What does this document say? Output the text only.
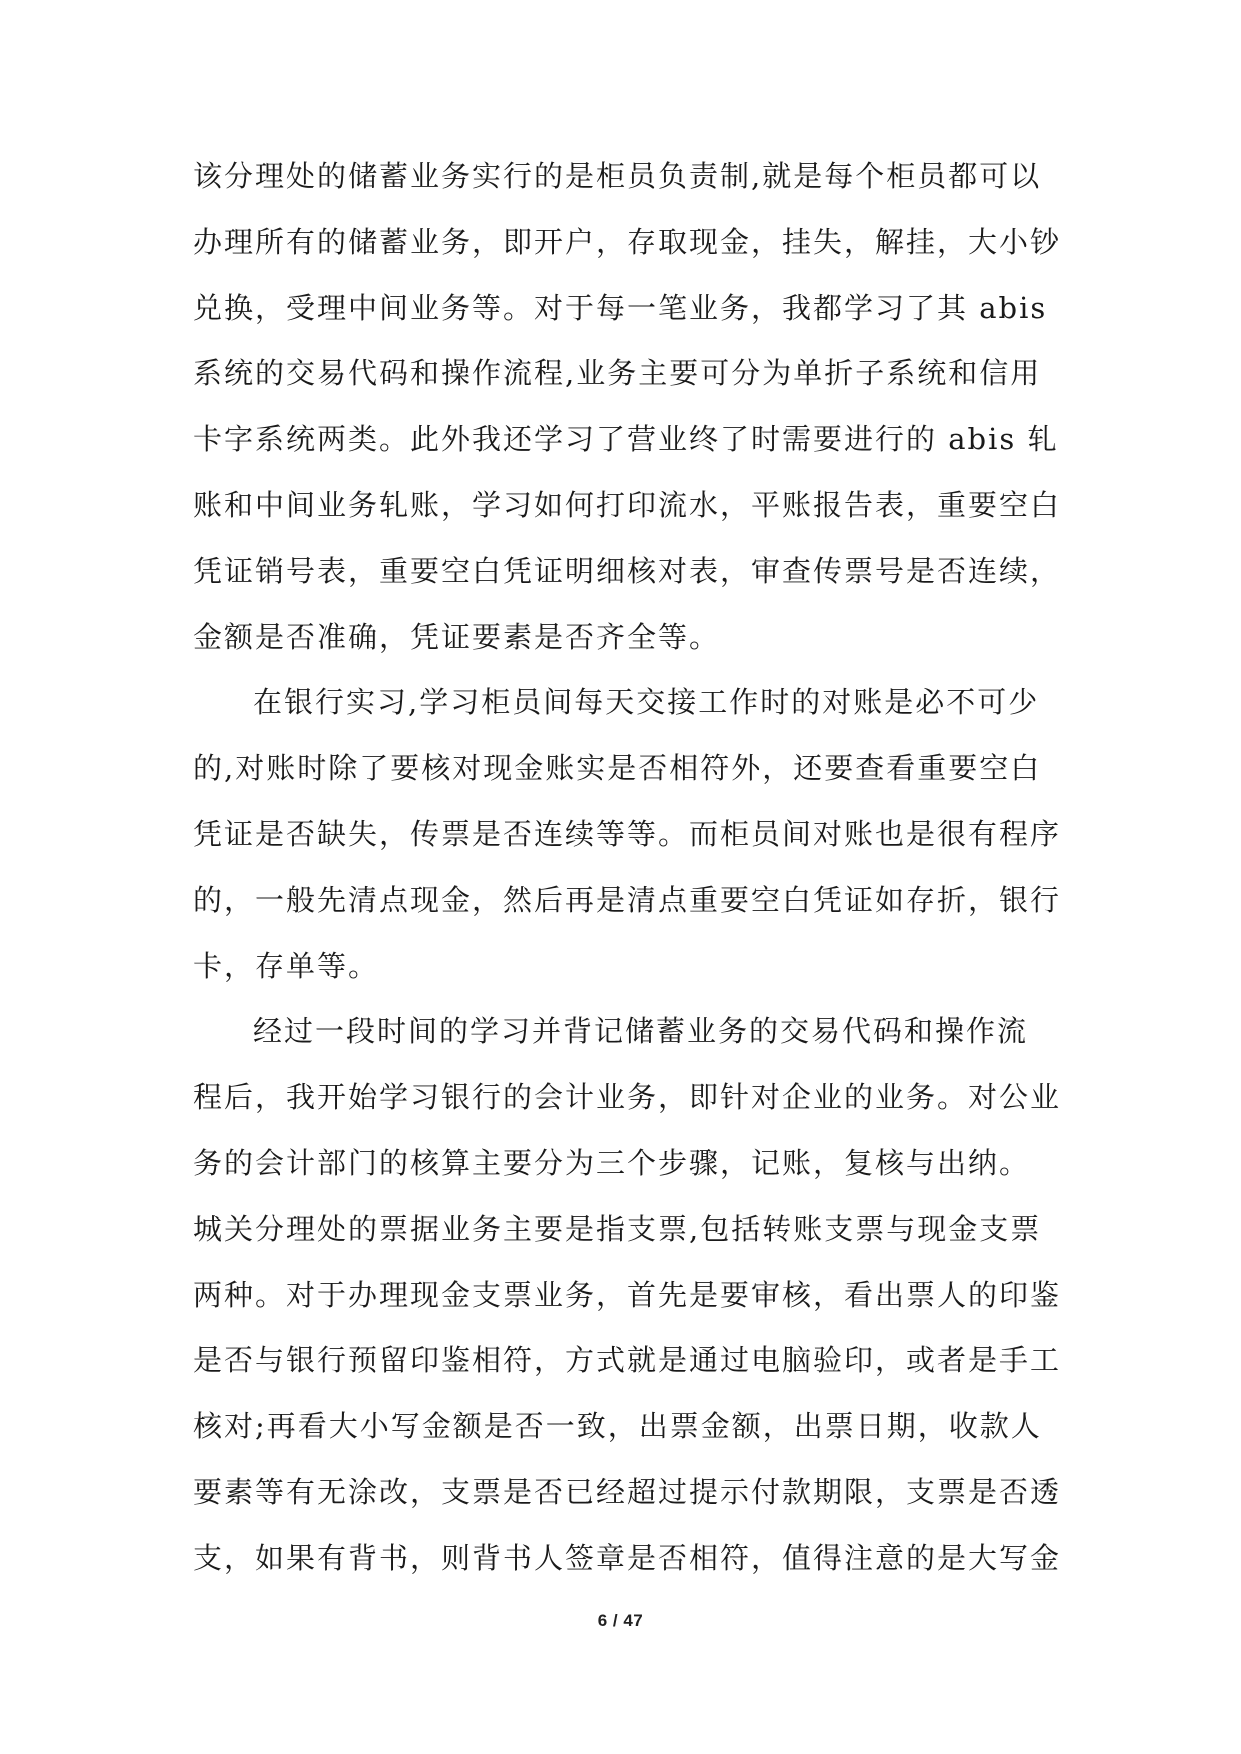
该分理处的储蓄业务实行的是柜员负责制,就是每个柜员都可以
办理所有的储蓄业务，即开户，存取现金，挂失，解挂，大小钞
兑换，受理中间业务等。对于每一笔业务，我都学习了其 abis
系统的交易代码和操作流程,业务主要可分为单折子系统和信用
卡字系统两类。此外我还学习了营业终了时需要进行的 abis 轧
账和中间业务轧账，学习如何打印流水，平账报告表，重要空白
凭证销号表，重要空白凭证明细核对表，审查传票号是否连续，
金额是否准确，凭证要素是否齐全等。
在银行实习,学习柜员间每天交接工作时的对账是必不可少
的,对账时除了要核对现金账实是否相符外，还要查看重要空白
凭证是否缺失，传票是否连续等等。而柜员间对账也是很有程序
的，一般先清点现金，然后再是清点重要空白凭证如存折，银行
卡，存单等。
经过一段时间的学习并背记储蓄业务的交易代码和操作流
程后，我开始学习银行的会计业务，即针对企业的业务。对公业
务的会计部门的核算主要分为三个步骤，记账，复核与出纳。
城关分理处的票据业务主要是指支票,包括转账支票与现金支票
两种。对于办理现金支票业务，首先是要审核，看出票人的印鉴
是否与银行预留印鉴相符，方式就是通过电脑验印，或者是手工
核对;再看大小写金额是否一致，出票金额，出票日期，收款人
要素等有无涂改，支票是否已经超过提示付款期限，支票是否透
支，如果有背书，则背书人签章是否相符，值得注意的是大写金
6 / 47
